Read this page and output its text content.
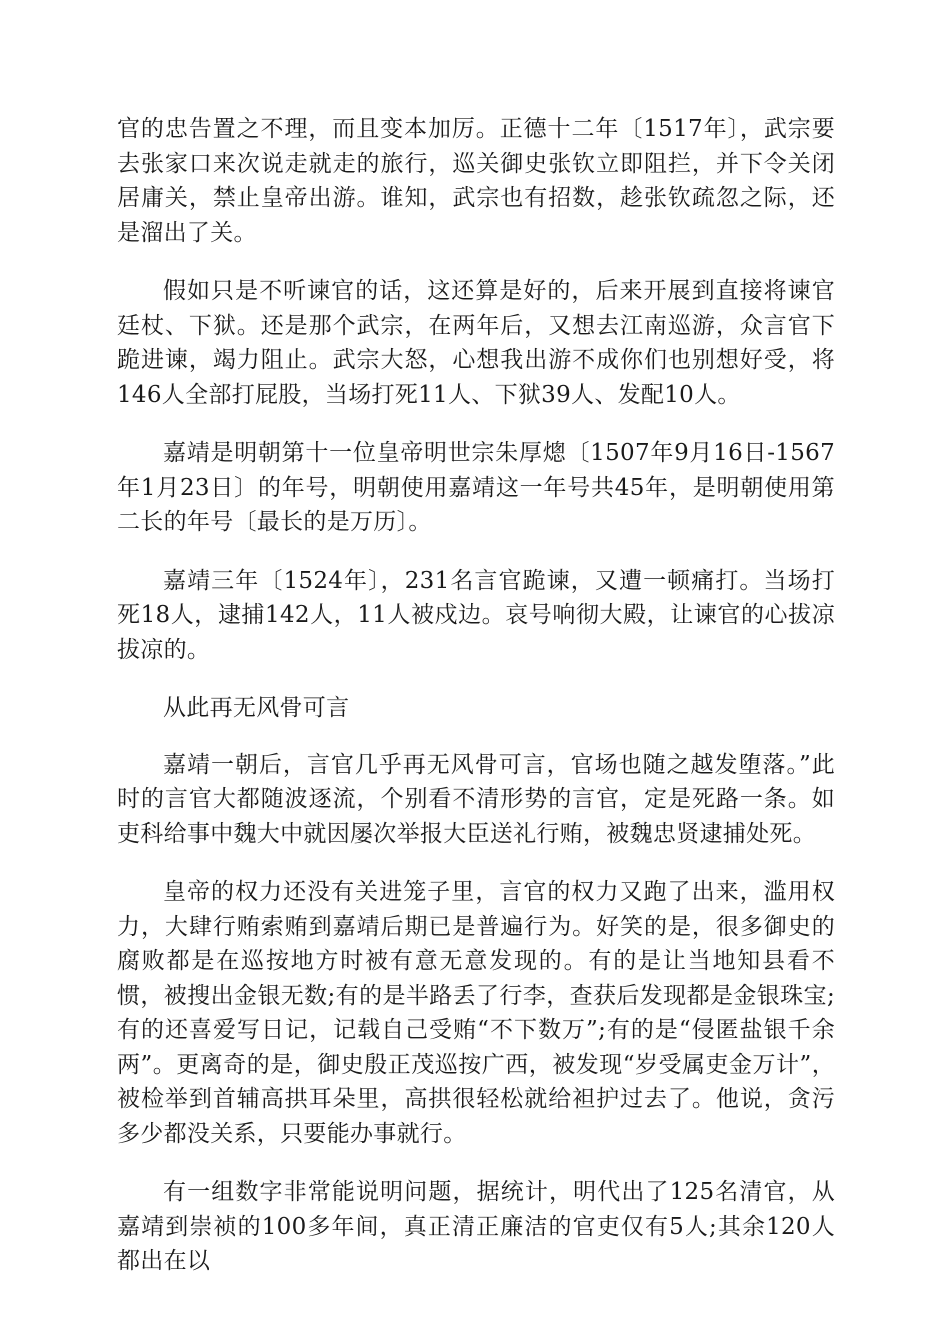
官的忠告置之不理，而且变本加厉。正德十二年〔1517年〕，武宗要去张家口来次说走就走的旅行，巡关御史张钦立即阻拦，并下令关闭居庸关，禁止皇帝出游。谁知，武宗也有招数，趁张钦疏忽之际，还是溜出了关。

假如只是不听谏官的话，这还算是好的，后来开展到直接将谏官廷杖、下狱。还是那个武宗，在两年后，又想去江南巡游，众言官下跪进谏，竭力阻止。武宗大怒，心想我出游不成你们也别想好受，将146人全部打屁股，当场打死11人、下狱39人、发配10人。

嘉靖是明朝第十一位皇帝明世宗朱厚熜〔1507年9月16日-1567年1月23日〕的年号，明朝使用嘉靖这一年号共45年，是明朝使用第二长的年号〔最长的是万历〕。

嘉靖三年〔1524年〕，231名言官跪谏，又遭一顿痛打。当场打死18人，逮捕142人，11人被戍边。哀号响彻大殿，让谏官的心拔凉拔凉的。

从此再无风骨可言

嘉靖一朝后，言官几乎再无风骨可言，官场也随之越发堕落。”此时的言官大都随波逐流，个别看不清形势的言官，定是死路一条。如吏科给事中魏大中就因屡次举报大臣送礼行贿，被魏忠贤逮捕处死。

皇帝的权力还没有关进笼子里，言官的权力又跑了出来，滥用权力，大肆行贿索贿到嘉靖后期已是普遍行为。好笑的是，很多御史的腐败都是在巡按地方时被有意无意发现的。有的是让当地知县看不惯，被搜出金银无数;有的是半路丢了行李，查获后发现都是金银珠宝;有的还喜爱写日记，记载自己受贿“不下数万”;有的是“侵匿盐银千余两”。更离奇的是，御史殷正茂巡按广西，被发现“岁受属吏金万计”，被检举到首辅高拱耳朵里，高拱很轻松就给袒护过去了。他说，贪污多少都没关系，只要能办事就行。

有一组数字非常能说明问题，据统计，明代出了125名清官，从嘉靖到崇祯的100多年间，真正清正廉洁的官吏仅有5人;其余120人都出在以
